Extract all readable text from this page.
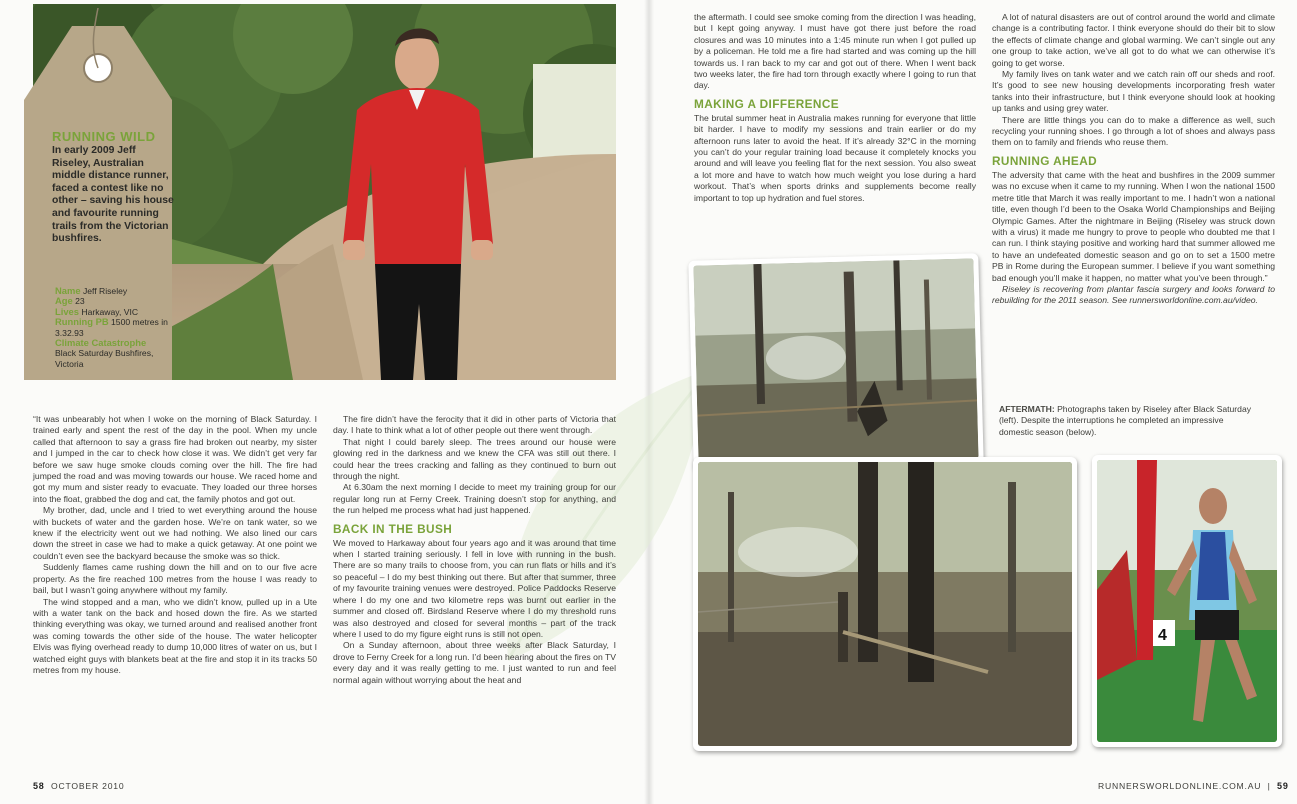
RUNNING WILD
In early 2009 Jeff Riseley, Australian middle distance runner, faced a contest like no other – saving his house and favourite running trails from the Victorian bushfires.
Name Jeff Riseley
Age 23
Lives Harkaway, VIC
Running PB 1500 metres in 3.32.93
Climate Catastrophe
Black Saturday Bushfires, Victoria

“It was unbearably hot when I woke on the morning of Black Saturday. I trained early and spent the rest of the day in the pool. When my uncle called that afternoon to say a grass fire had broken out nearby, my sister and I jumped in the car to check how close it was. We didn’t get very far before we saw huge smoke clouds coming over the hill. The fire had jumped the road and was moving towards our house. We raced home and got my mum and sister ready to evacuate. They loaded our three horses into the float, grabbed the dog and cat, the family photos and got out.

My brother, dad, uncle and I tried to wet everything around the house with buckets of water and the garden hose. We’re on tank water, so we knew if the electricity went out we had nothing. We also lined our cars down the street in case we had to make a quick getaway. At one point we couldn’t even see the backyard because the smoke was so thick.

Suddenly flames came rushing down the hill and on to our five acre property. As the fire reached 100 metres from the house I was ready to bail, but I wasn’t going anywhere without my family.

The wind stopped and a man, who we didn’t know, pulled up in a Ute with a water tank on the back and hosed down the fire. As we started thinking everything was okay, we turned around and realised another front was coming towards the other side of the house. The water helicopter Elvis was flying overhead ready to dump 10,000 litres of water on us, but I watched eight guys with blankets beat at the fire and stop it in its tracks 50 metres from my house.

The fire didn’t have the ferocity that it did in other parts of Victoria that day. I hate to think what a lot of other people out there went through.

That night I could barely sleep. The trees around our house were glowing red in the darkness and we knew the CFA was still out there. I could hear the trees cracking and falling as they continued to burn out through the night.

At 6.30am the next morning I decide to meet my training group for our regular long run at Ferny Creek. Training doesn’t stop for anything, and the run helped me process what had just happened.

BACK IN THE BUSH

We moved to Harkaway about four years ago and it was around that time when I started training seriously. I fell in love with running in the bush. There are so many trails to choose from, you can run flats or hills and it’s so peaceful – I do my best thinking out there. But after that summer, three of my favourite training venues were destroyed. Police Paddocks Reserve where I do my one and two kilometre reps was burnt out earlier in the summer and closed off. Birdsland Reserve where I do my threshold runs was also destroyed and closed for several months – part of the track where I used to do my figure eight runs is still not open.

On a Sunday afternoon, about three weeks after Black Saturday, I drove to Ferny Creek for a long run. I’d been hearing about the fires on TV every day and it was really getting to me. I just wanted to run and feel normal again without worrying about the heat and

the aftermath. I could see smoke coming from the direction I was heading, but I kept going anyway. I must have got there just before the road closures and was 10 minutes into a 1:45 minute run when I got pulled up by a policeman. He told me a fire had started and was coming up the hill towards us. I ran back to my car and got out of there. When I went back two weeks later, the fire had torn through exactly where I going to run that day.

MAKING A DIFFERENCE

The brutal summer heat in Australia makes running for everyone that little bit harder. I have to modify my sessions and train earlier or do my afternoon runs later to avoid the heat. If it’s already 32°C in the morning you can’t do your regular training load because it completely knocks you around and will leave you feeling flat for the next session. You also sweat a lot more and have to watch how much weight you lose during a hard workout. That’s when sports drinks and supplements become really important to top up hydration and fuel stores.

A lot of natural disasters are out of control around the world and climate change is a contributing factor. I think everyone should do their bit to slow the effects of climate change and global warming. We can’t single out any one group to take action, we’ve all got to do what we can otherwise it’s going to get worse.

My family lives on tank water and we catch rain off our sheds and roof. It’s good to see new housing developments incorporating fresh water tanks into their infrastructure, but I think everyone should look at hooking up tanks and using grey water.

There are little things you can do to make a difference as well, such recycling your running shoes. I go through a lot of shoes and always pass them on to family and friends who reuse them.

RUNNING AHEAD

The adversity that came with the heat and bushfires in the 2009 summer was no excuse when it came to my running. When I won the national 1500 metre title that March it was really important to me. I hadn’t won a national title, even though I’d been to the Osaka World Championships and Beijing Olympic Games. After the nightmare in Beijing (Riseley was struck down with a virus) it made me hungry to prove to people who doubted me that I can run. I think staying positive and working hard that summer allowed me to have an undefeated domestic season and go on to set a 1500 metre PB in Rome during the European summer. I believe if you want something bad enough you’ll make it happen, no matter what you’ve been through.”

Riseley is recovering from plantar fascia surgery and looks forward to rebuilding for the 2011 season. See runnersworldonline.com.au/video.

AFTERMATH: Photographs taken by Riseley after Black Saturday (left). Despite the interruptions he completed an impressive domestic season (below).
4
58 OCTOBER 2010	RUNNERSWORLDONLINE.COM.AU  |  59
